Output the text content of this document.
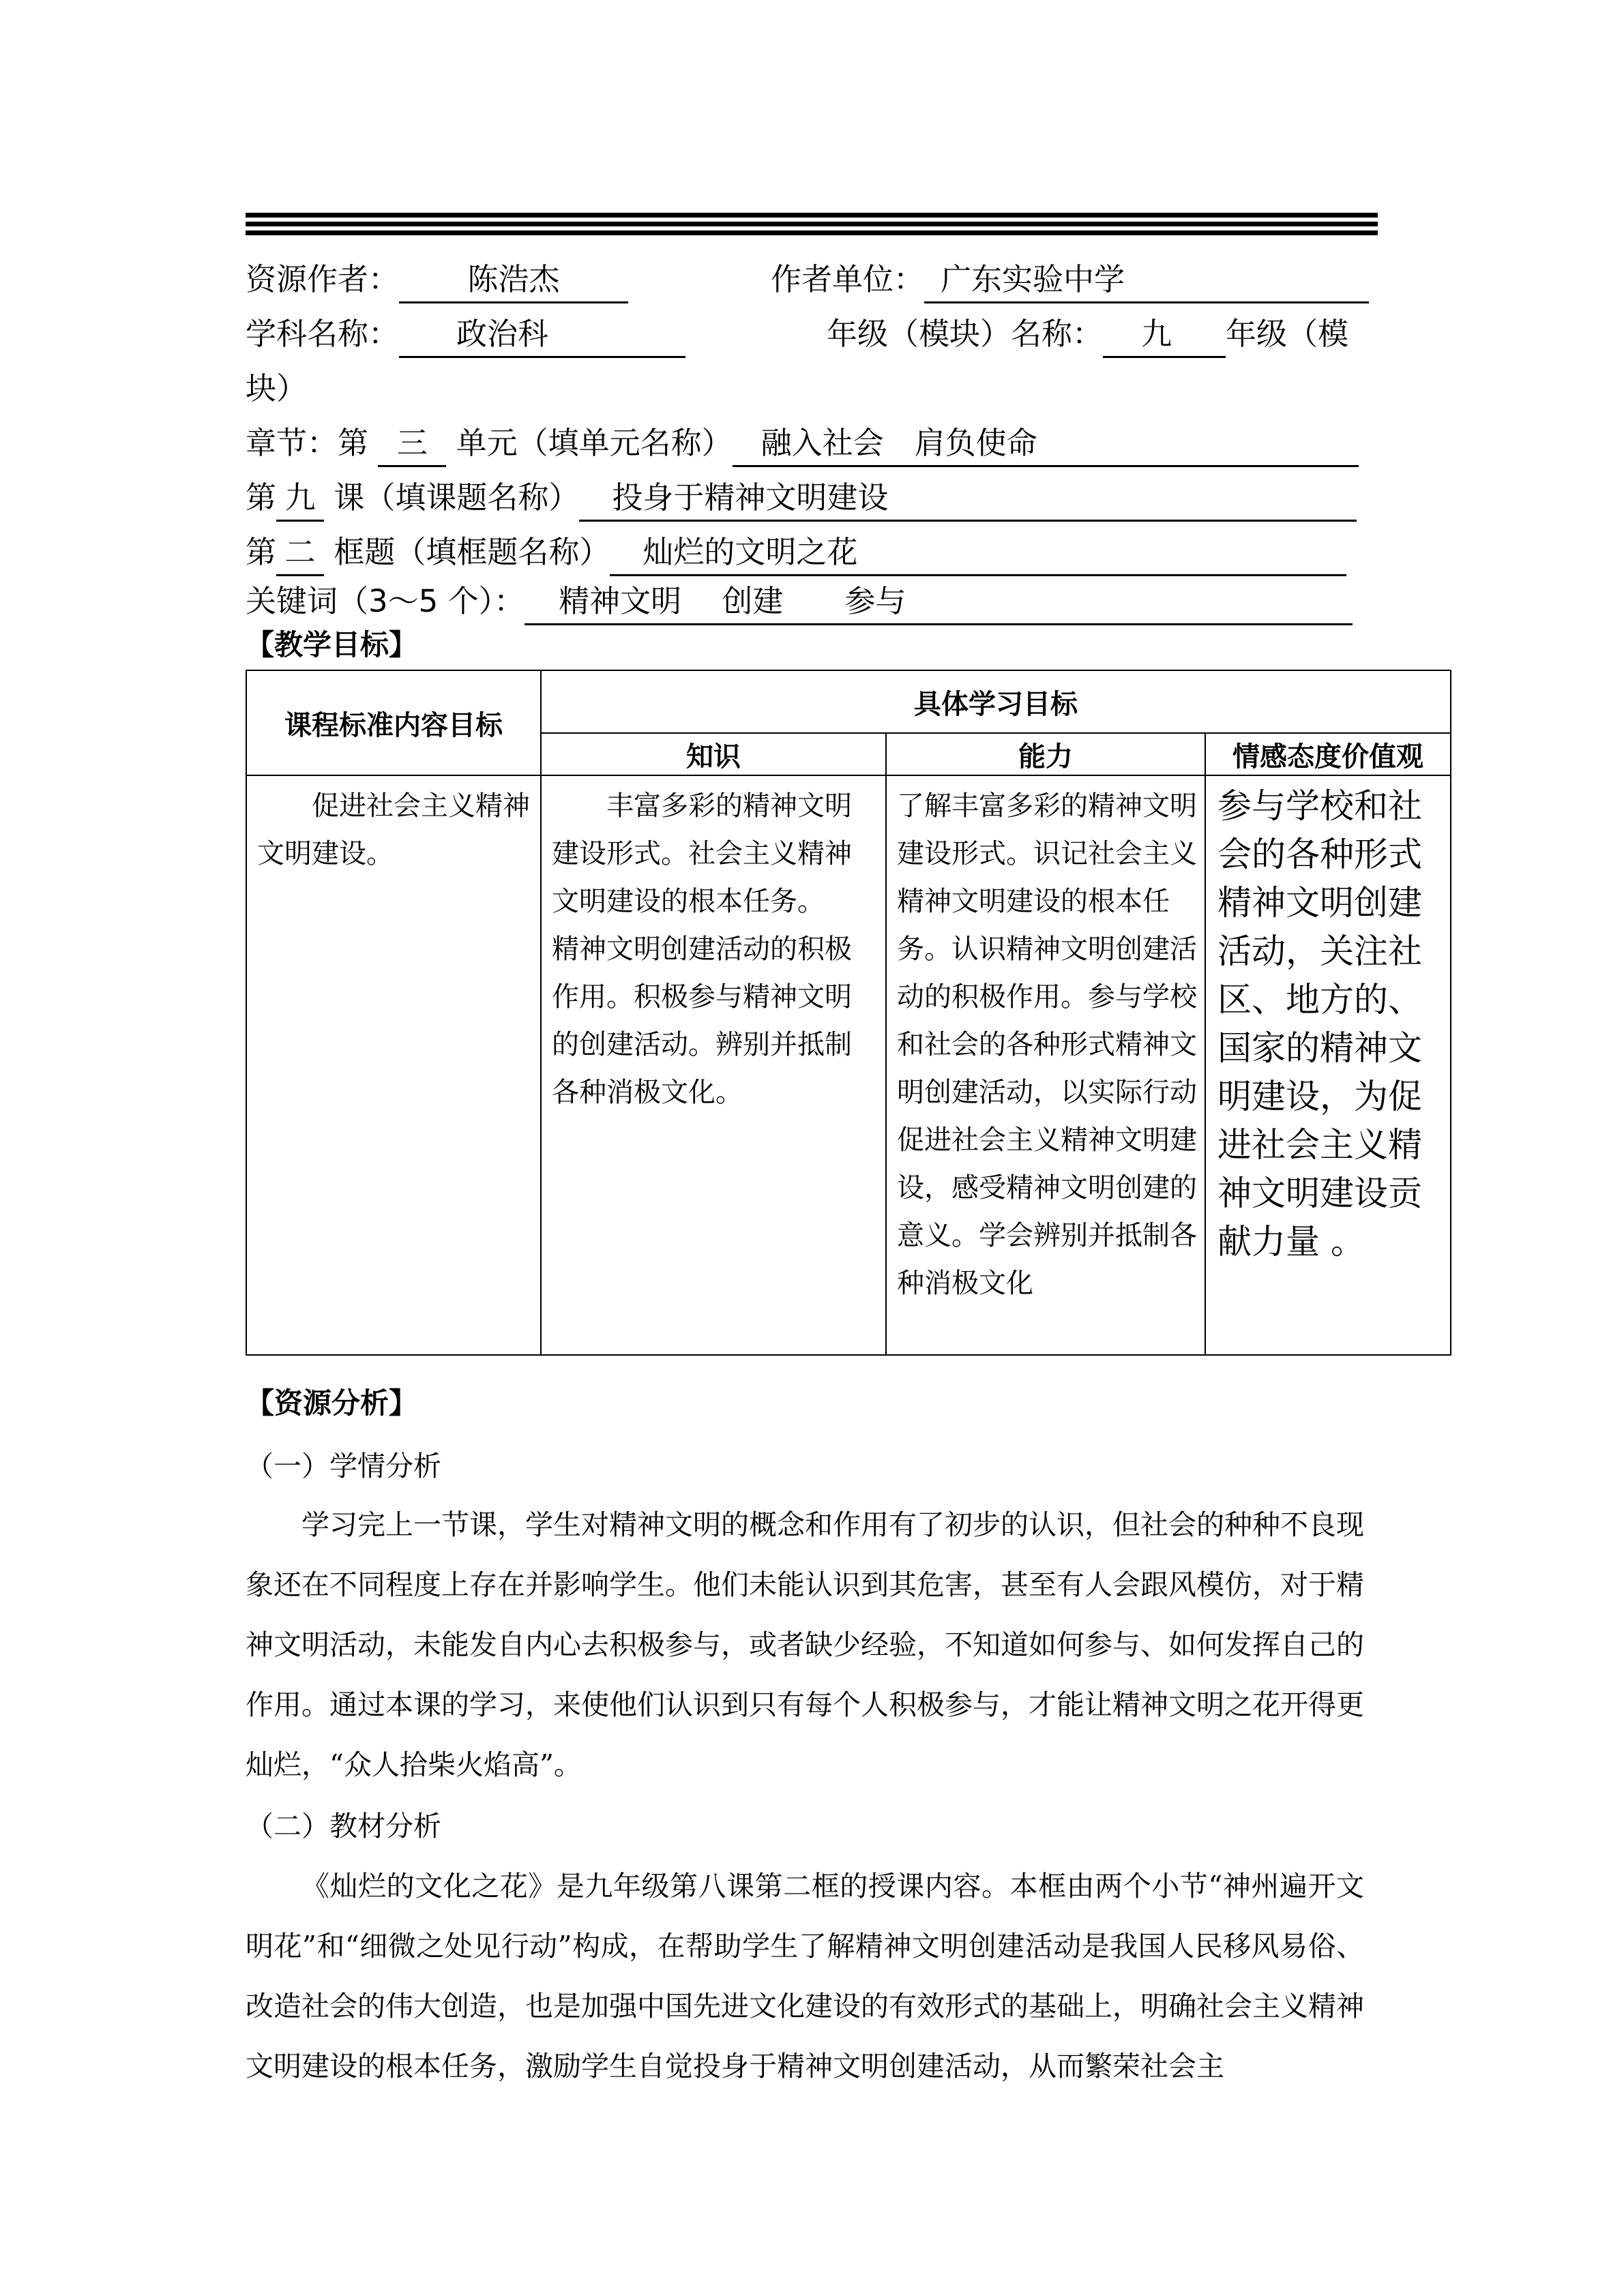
资源作者： 陈浩杰	作者单位： 广东实验中学
学科名称： 政治科	年级（模块）名称： 九 年级（模
块）
章节：第 三 单元（填单元名称） 融入社会　肩负使命
第 九 课（填课题名称） 投身于精神文明建设
第 二 框题（填框题名称） 灿烂的文明之花
关键词（3～5 个）： 精神文明　 创建　　参与
【教学目标】
课程标准内容目标	具体学习目标		
	知识	能力	情感态度价值观

促进社会主义精神文明建设。	丰富多彩的精神文明建设形式。社会主义精神文明建设的根本任务。
精神文明创建活动的积极作用。积极参与精神文明的创建活动。辨别并抵制各种消极文化。	了解丰富多彩的精神文明建设形式。识记社会主义精神文明建设的根本任务。认识精神文明创建活动的积极作用。参与学校和社会的各种形式精神文明创建活动，以实际行动促进社会主义精神文明建设，感受精神文明创建的意义。学会辨别并抵制各种消极文化	参与学校和社会的各种形式精神文明创建活动，关注社区、地方的、国家的精神文明建设，为促进社会主义精神文明建设贡献力量 。
【资源分析】
（一）学情分析

学习完上一节课，学生对精神文明的概念和作用有了初步的认识，但社会的种种不良现象还在不同程度上存在并影响学生。他们未能认识到其危害，甚至有人会跟风模仿，对于精神文明活动，未能发自内心去积极参与，或者缺少经验，不知道如何参与、如何发挥自己的作用。通过本课的学习，来使他们认识到只有每个人积极参与，才能让精神文明之花开得更灿烂，“众人拾柴火焰高”。

（二）教材分析

《灿烂的文化之花》是九年级第八课第二框的授课内容。本框由两个小节“神州遍开文明花”和“细微之处见行动”构成，在帮助学生了解精神文明创建活动是我国人民移风易俗、改造社会的伟大创造，也是加强中国先进文化建设的有效形式的基础上，明确社会主义精神文明建设的根本任务，激励学生自觉投身于精神文明创建活动，从而繁荣社会主
